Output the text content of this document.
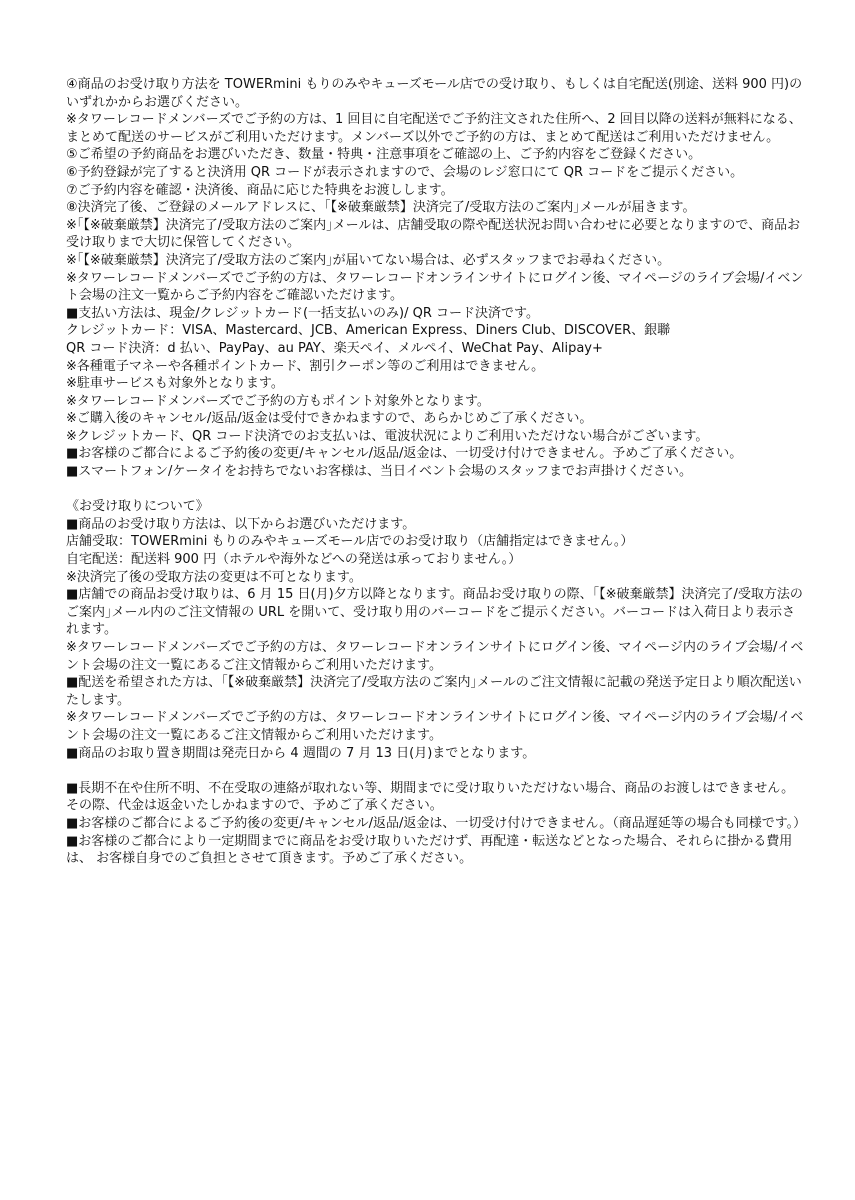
④商品のお受け取り方法を TOWERmini もりのみやキューズモール店での受け取り、もしくは自宅配送(別途、送料 900 円)のいずれかからお選びください。

※タワーレコードメンバーズでご予約の方は、1 回目に自宅配送でご予約注文された住所へ、2 回目以降の送料が無料になる、まとめて配送のサービスがご利用いただけます。メンバーズ以外でご予約の方は、まとめて配送はご利用いただけません。

⑤ご希望の予約商品をお選びいただき、数量・特典・注意事項をご確認の上、ご予約内容をご登録ください。

⑥予約登録が完了すると決済用 QR コードが表示されますので、会場のレジ窓口にて QR コードをご提示ください。

⑦ご予約内容を確認・決済後、商品に応じた特典をお渡しします。

⑧決済完了後、ご登録のメールアドレスに、｢【※破棄厳禁】決済完了/受取方法のご案内｣メールが届きます。

※｢【※破棄厳禁】決済完了/受取方法のご案内｣メールは、店舗受取の際や配送状況お問い合わせに必要となりますので、商品お受け取りまで大切に保管してください。

※｢【※破棄厳禁】決済完了/受取方法のご案内｣が届いてない場合は、必ずスタッフまでお尋ねください。

※タワーレコードメンバーズでご予約の方は、タワーレコードオンラインサイトにログイン後、マイページのライブ会場/イベント会場の注文一覧からご予約内容をご確認いただけます。

■支払い方法は、現金/クレジットカード(一括支払いのみ)/ QR コード決済です。

クレジットカード：VISA、Mastercard、JCB、American Express、Diners Club、DISCOVER、銀聯

QR コード決済：d 払い、PayPay、au PAY、楽天ペイ、メルペイ、WeChat Pay、Alipay+

※各種電子マネーや各種ポイントカード、割引クーポン等のご利用はできません。

※駐車サービスも対象外となります。

※タワーレコードメンバーズでご予約の方もポイント対象外となります。

※ご購入後のキャンセル/返品/返金は受付できかねますので、あらかじめご了承ください。

※クレジットカード、QR コード決済でのお支払いは、電波状況によりご利用いただけない場合がございます。

■お客様のご都合によるご予約後の変更/キャンセル/返品/返金は、一切受け付けできません。予めご了承ください。

■スマートフォン/ケータイをお持ちでないお客様は、当日イベント会場のスタッフまでお声掛けください。

《お受け取りについて》

■商品のお受け取り方法は、以下からお選びいただけます。

店舗受取：TOWERmini もりのみやキューズモール店でのお受け取り（店舗指定はできません。）

自宅配送：配送料 900 円（ホテルや海外などへの発送は承っておりません。）

※決済完了後の受取方法の変更は不可となります。

■店舗での商品お受け取りは、6 月 15 日(月)夕方以降となります。商品お受け取りの際、｢【※破棄厳禁】決済完了/受取方法のご案内｣メール内のご注文情報の URL を開いて、受け取り用のバーコードをご提示ください。バーコードは入荷日より表示されます。

※タワーレコードメンバーズでご予約の方は、タワーレコードオンラインサイトにログイン後、マイページ内のライブ会場/イベント会場の注文一覧にあるご注文情報からご利用いただけます。

■配送を希望された方は、｢【※破棄厳禁】決済完了/受取方法のご案内｣メールのご注文情報に記載の発送予定日より順次配送いたします。

※タワーレコードメンバーズでご予約の方は、タワーレコードオンラインサイトにログイン後、マイページ内のライブ会場/イベント会場の注文一覧にあるご注文情報からご利用いただけます。

■商品のお取り置き期間は発売日から 4 週間の 7 月 13 日(月)までとなります。

■長期不在や住所不明、不在受取の連絡が取れない等、期間までに受け取りいただけない場合、商品のお渡しはできません。その際、代金は返金いたしかねますので、予めご了承ください。

■お客様のご都合によるご予約後の変更/キャンセル/返品/返金は、一切受け付けできません。（商品遅延等の場合も同様です。）

■お客様のご都合により一定期間までに商品をお受け取りいただけず、再配達・転送などとなった場合、それらに掛かる費用は、 お客様自身でのご負担とさせて頂きます。予めご了承ください。
